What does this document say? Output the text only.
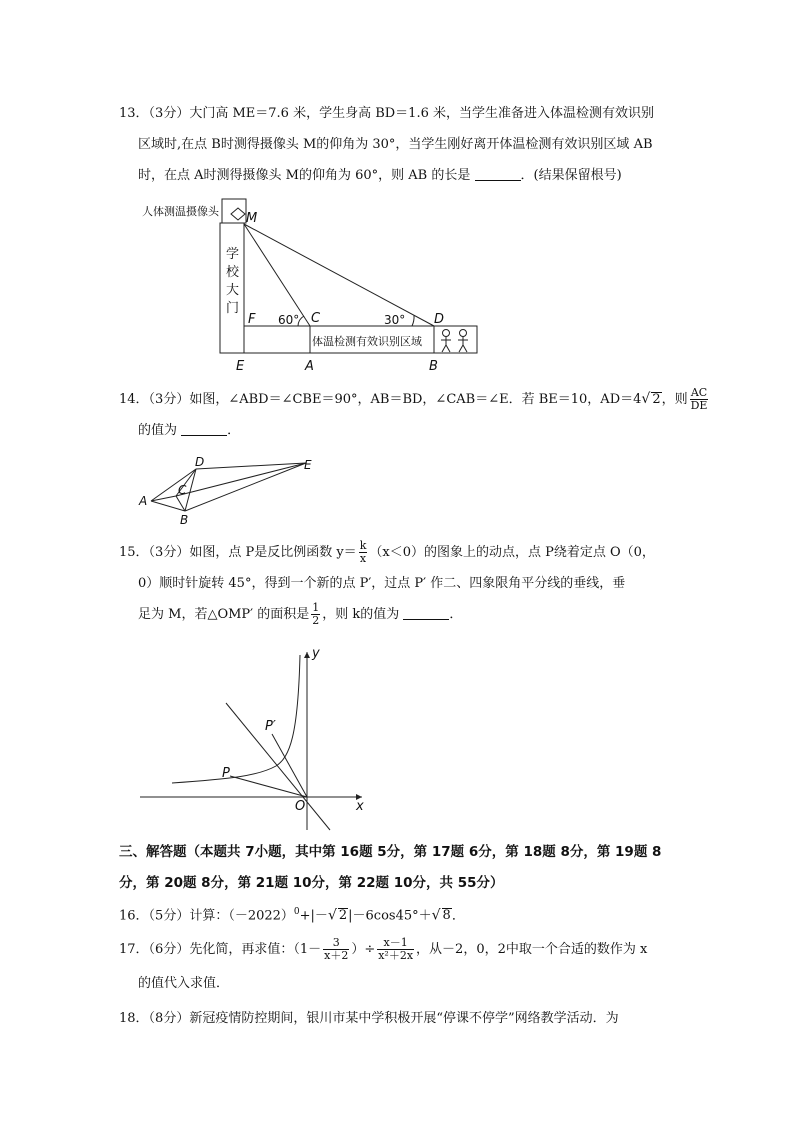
13．（3分）大门高 ME＝7.6 米，学生身高 BD＝1.6 米，当学生准备进入体温检测有效识别
区域时,在点 B时测得摄像头 M的仰角为 30°，当学生刚好离开体温检测有效识别区域 AB
时，在点 A时测得摄像头 M的仰角为 60°，则 AB 的长是	．(结果保留根号)
人体测温摄像头
学
校
大
门
体温检测有效识别区域
60°	30°
M
F	C	D
E	A	B
14．（3分）如图，∠ABD＝∠CBE＝90°，AB＝BD，∠CAB＝∠E．若 BE＝10，AD＝4√ 2，则 $\frac{AC}{DE}$
的值为	．
A
B
C
D	E
15．（3分）如图，点 P是反比例函数 $y= \frac{k}{x} (x<0)$的图象上的动点，点 P绕着定点 O（0，
0）顺时针旋转 45°，得到一个新的点 P′，过点 P′ 作二、四象限角平分线的垂线，垂
足为 M，若△OMP′ 的面积是 $\frac{1}{2}$ ，则 k的值为	．
y
x
O
P
P′
三、解答题（本题共 7小题，其中第 16题 5分，第 17题 6分，第 18题 8分，第 19题 8
分，第 20题 8分，第 21题 10分，第 22题 10分，共 55分）
16．（5分）计算：$(-2022)^0+|-√$ 2|－6cos45°＋√ 8．
17．（6分）先化简，再求值：（$1- \frac{3}{x+2}$ ）÷ $\frac{x-1}{\text{x²＋2x}}$ ，从－2，0，2中取一个合适的数作为 x
的值代入求值．
18．（8分）新冠疫情防控期间，银川市某中学积极开展“停课不停学”网络教学活动．为
